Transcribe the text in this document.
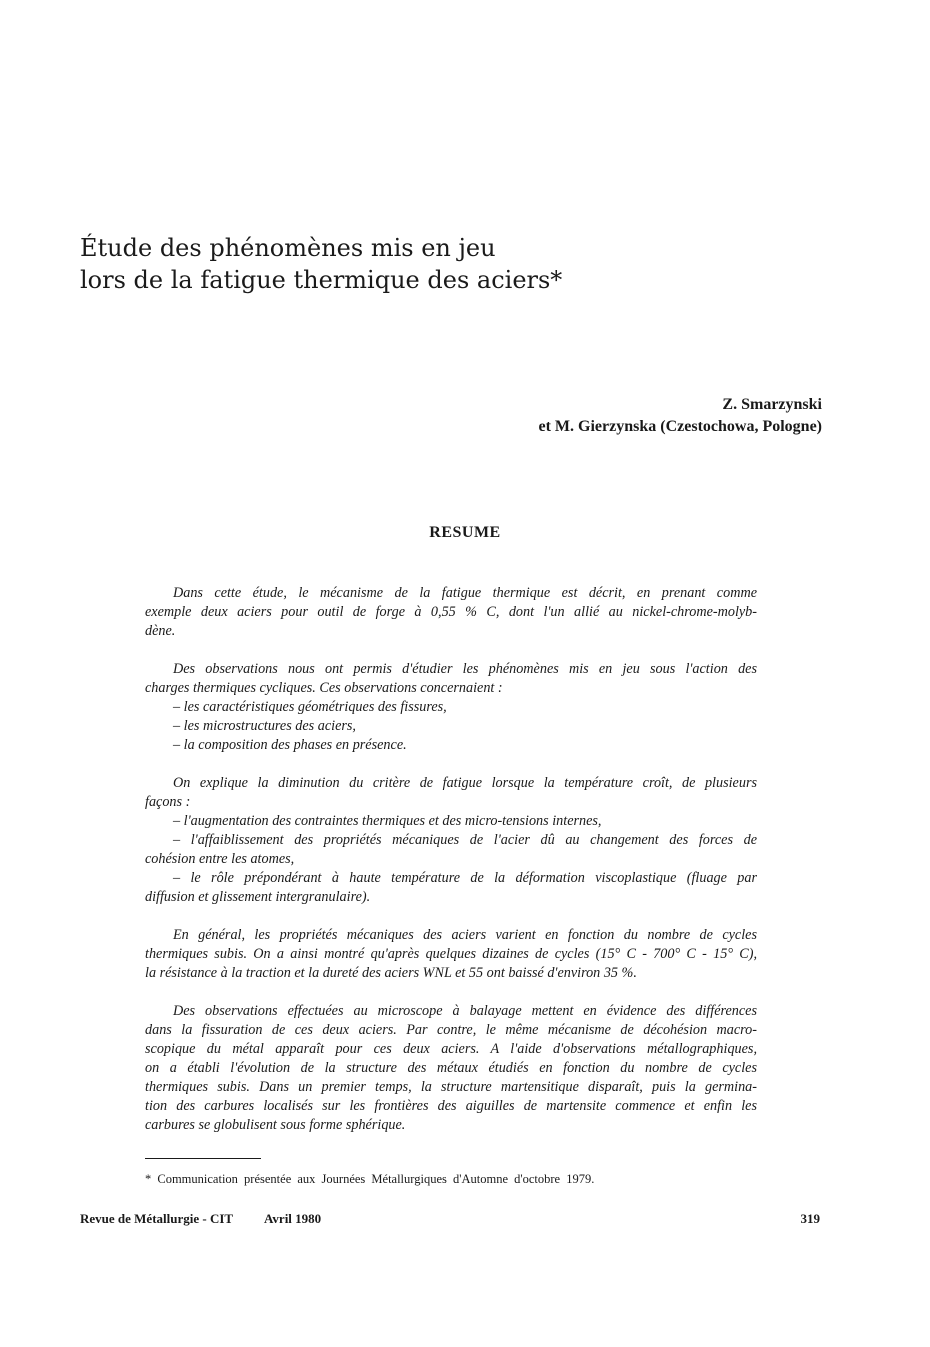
Étude des phénomènes mis en jeu
lors de la fatigue thermique des aciers*
Z. Smarzynski
et M. Gierzynska (Czestochowa, Pologne)
RESUME
Dans cette étude, le mécanisme de la fatigue thermique est décrit, en prenant comme
exemple deux aciers pour outil de forge à 0,55 % C, dont l'un allié au nickel-chrome-molyb-
dène.
Des observations nous ont permis d'étudier les phénomènes mis en jeu sous l'action des
charges thermiques cycliques. Ces observations concernaient :
– les caractéristiques géométriques des fissures,
– les microstructures des aciers,
– la composition des phases en présence.
On explique la diminution du critère de fatigue lorsque la température croît, de plusieurs
façons :
– l'augmentation des contraintes thermiques et des micro-tensions internes,
– l'affaiblissement des propriétés mécaniques de l'acier dû au changement des forces de
cohésion entre les atomes,
– le rôle prépondérant à haute température de la déformation viscoplastique (fluage par
diffusion et glissement intergranulaire).
En général, les propriétés mécaniques des aciers varient en fonction du nombre de cycles
thermiques subis. On a ainsi montré qu'après quelques dizaines de cycles (15° C - 700° C - 15° C),
la résistance à la traction et la dureté des aciers WNL et 55 ont baissé d'environ 35 %.
Des observations effectuées au microscope à balayage mettent en évidence des différences
dans la fissuration de ces deux aciers. Par contre, le même mécanisme de décohésion macro-
scopique du métal apparaît pour ces deux aciers. A l'aide d'observations métallographiques,
on a établi l'évolution de la structure des métaux étudiés en fonction du nombre de cycles
thermiques subis. Dans un premier temps, la structure martensitique disparaît, puis la germina-
tion des carbures localisés sur les frontières des aiguilles de martensite commence et enfin les
carbures se globulisent sous forme sphérique.
* Communication présentée aux Journées Métallurgiques d'Automne d'octobre 1979.
Revue de Métallurgie - CIT Avril 1980	319
